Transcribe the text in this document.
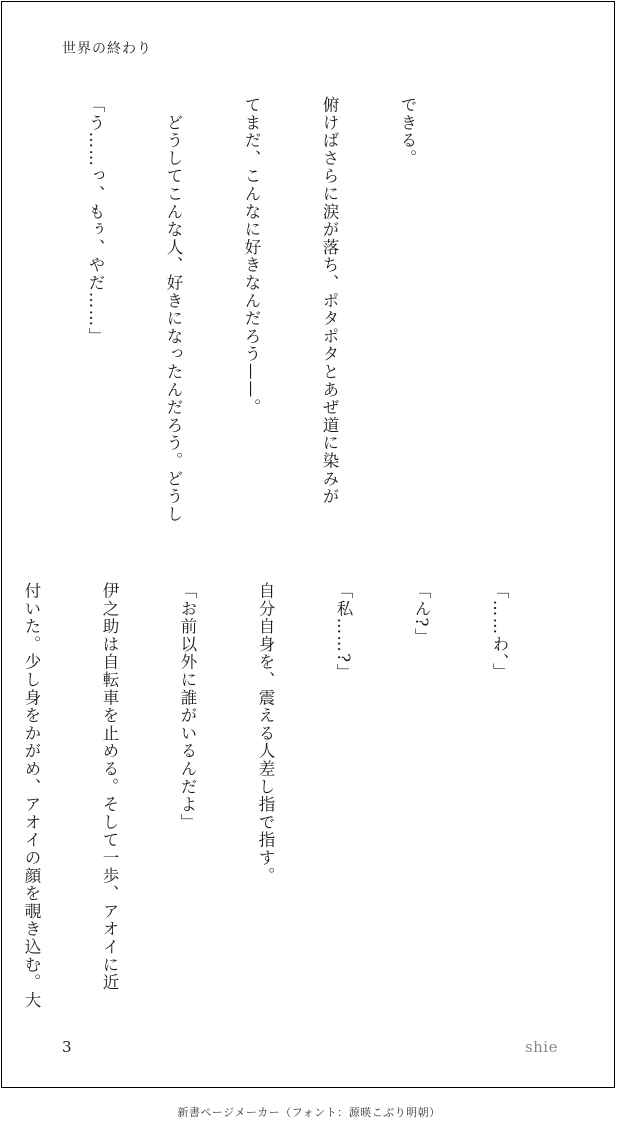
世界の終わり

できる。

俯けばさらに涙が落ち、ポタポタとあぜ道に染みが

てまだ、こんなに好きなんだろう——。

　どうしてこんな人、好きになったんだろう。どうし

「う……っ、もぅ、やだ……」

「……わ、」

「ん?」

「私……?」

自分自身を、震える人差し指で指す。

「お前以外に誰がいるんだよ」

伊之助は自転車を止める。そして一歩、アオイに近

付いた。少し身をかがめ、アオイの顔を覗き込む。大

3	shie
新書ページメーカー（フォント：源暎こぶり明朝）
